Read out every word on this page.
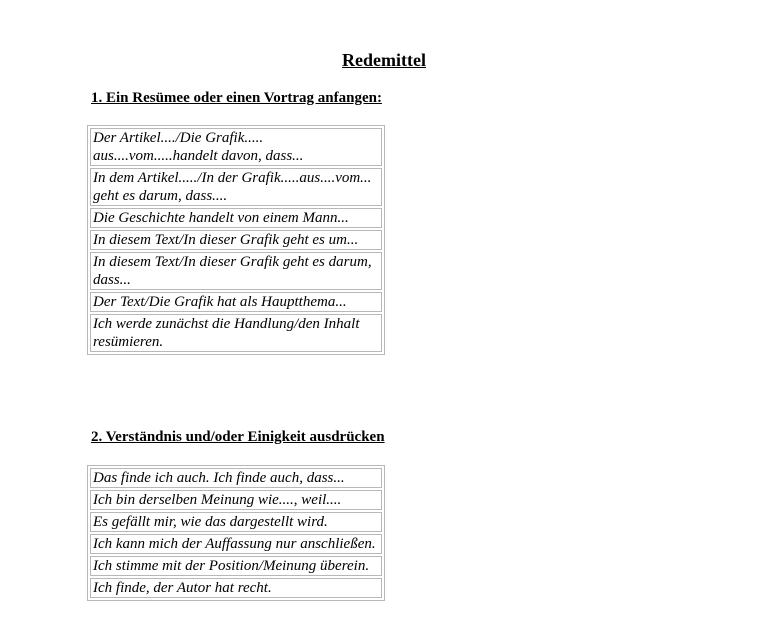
Redemittel
1. Ein Resümee oder einen Vortrag anfangen:
Der Artikel..../Die Grafik.....
aus....vom.....handelt davon, dass...

In dem Artikel...../In der Grafik.....aus....vom...
geht es darum, dass....

Die Geschichte handelt von einem Mann...
In diesem Text/In dieser Grafik geht es um...
In diesem Text/In dieser Grafik geht es darum, dass...
Der Text/Die Grafik hat als Hauptthema...
Ich werde zunächst die Handlung/den Inhalt resümieren.
2. Verständnis und/oder Einigkeit ausdrücken
Das finde ich auch. Ich finde auch, dass...
Ich bin derselben Meinung wie...., weil....
Es gefällt mir, wie das dargestellt wird.
Ich kann mich der Auffassung nur anschließen.
Ich stimme mit der Position/Meinung überein.
Ich finde, der Autor hat recht.
